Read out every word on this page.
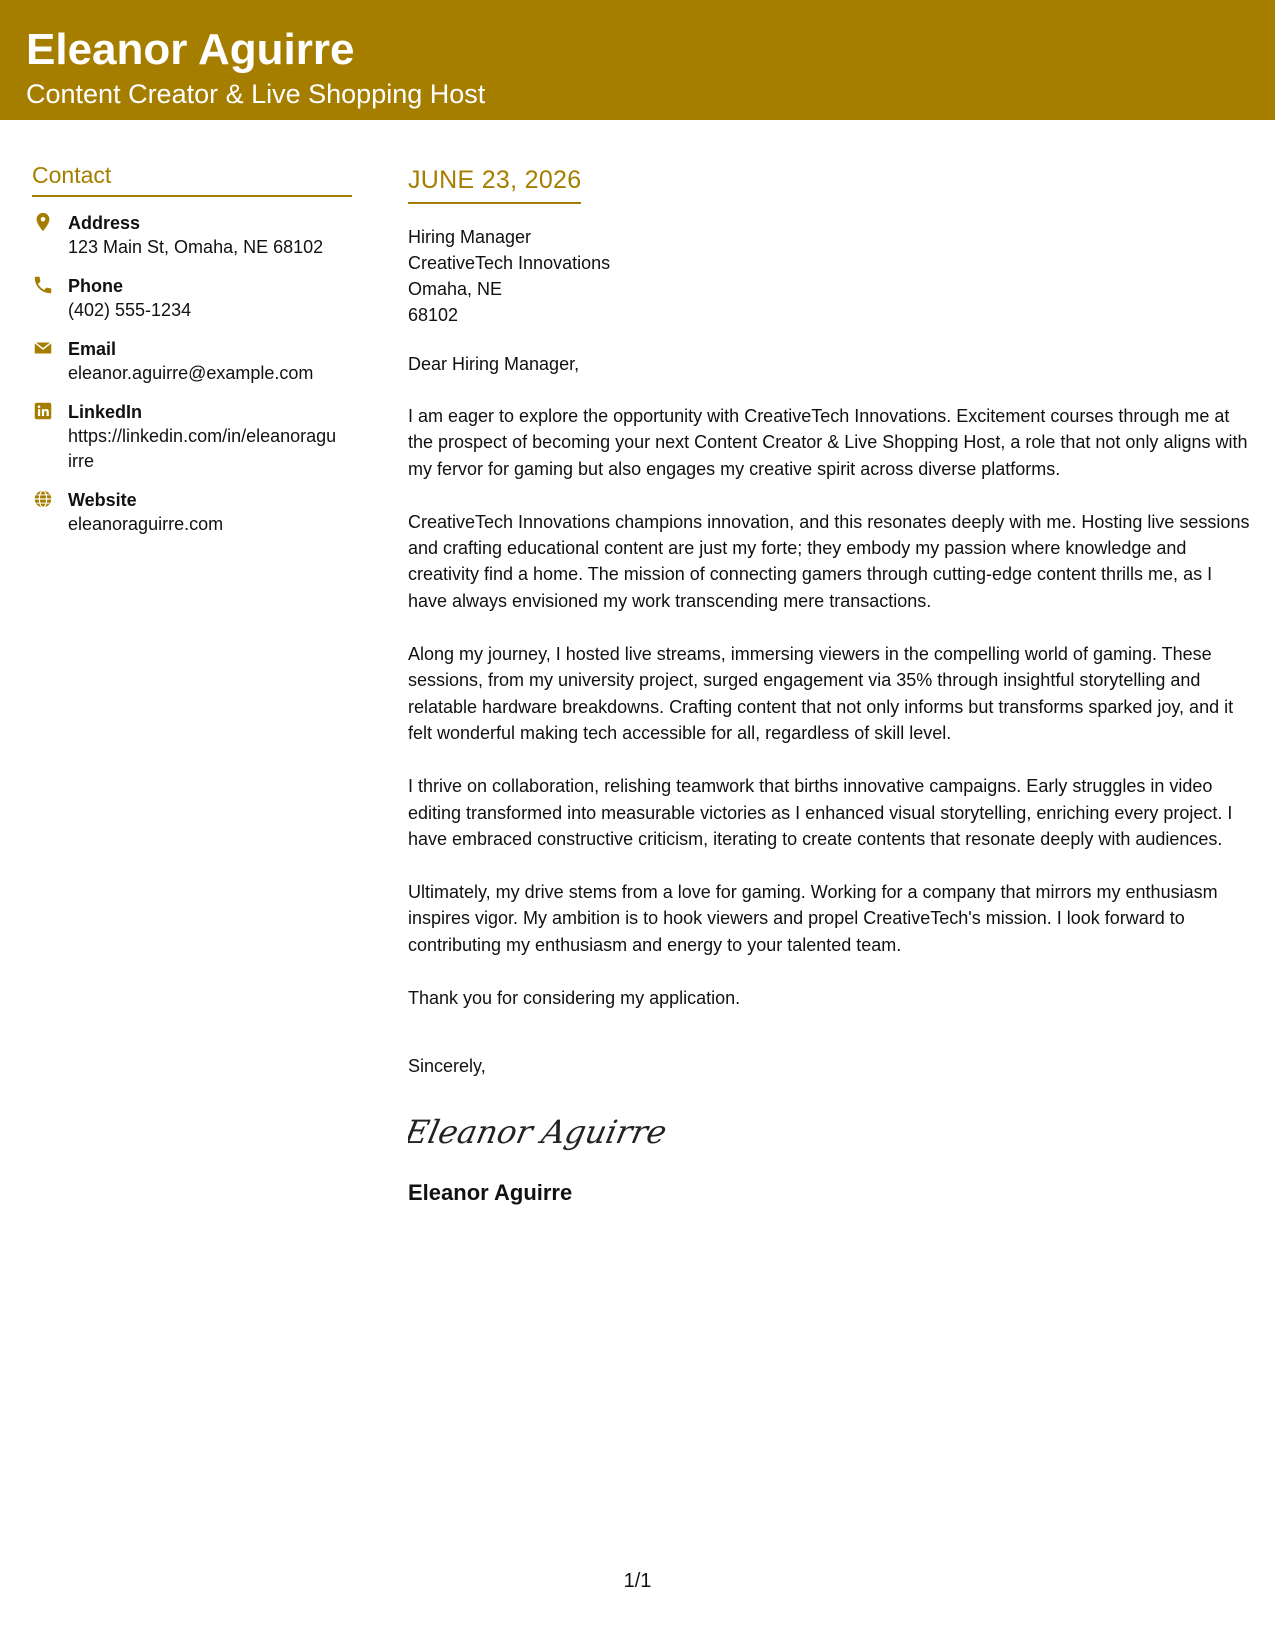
Eleanor Aguirre
Content Creator & Live Shopping Host
Contact
Address
123 Main St, Omaha, NE 68102
Phone
(402) 555-1234
Email
eleanor.aguirre@example.com
LinkedIn
https://linkedin.com/in/eleanoraguirre
Website
eleanoraguirre.com
JUNE 23, 2026
Hiring Manager
CreativeTech Innovations
Omaha, NE
68102
Dear Hiring Manager,

I am eager to explore the opportunity with CreativeTech Innovations. Excitement courses through me at the prospect of becoming your next Content Creator & Live Shopping Host, a role that not only aligns with my fervor for gaming but also engages my creative spirit across diverse platforms.

CreativeTech Innovations champions innovation, and this resonates deeply with me. Hosting live sessions and crafting educational content are just my forte; they embody my passion where knowledge and creativity find a home. The mission of connecting gamers through cutting-edge content thrills me, as I have always envisioned my work transcending mere transactions.

Along my journey, I hosted live streams, immersing viewers in the compelling world of gaming. These sessions, from my university project, surged engagement via 35% through insightful storytelling and relatable hardware breakdowns. Crafting content that not only informs but transforms sparked joy, and it felt wonderful making tech accessible for all, regardless of skill level.

I thrive on collaboration, relishing teamwork that births innovative campaigns. Early struggles in video editing transformed into measurable victories as I enhanced visual storytelling, enriching every project. I have embraced constructive criticism, iterating to create contents that resonate deeply with audiences.

Ultimately, my drive stems from a love for gaming. Working for a company that mirrors my enthusiasm inspires vigor. My ambition is to hook viewers and propel CreativeTech's mission. I look forward to contributing my enthusiasm and energy to your talented team.

Thank you for considering my application.

Sincerely,
Eleanor Aguirre
Eleanor Aguirre
1/1
